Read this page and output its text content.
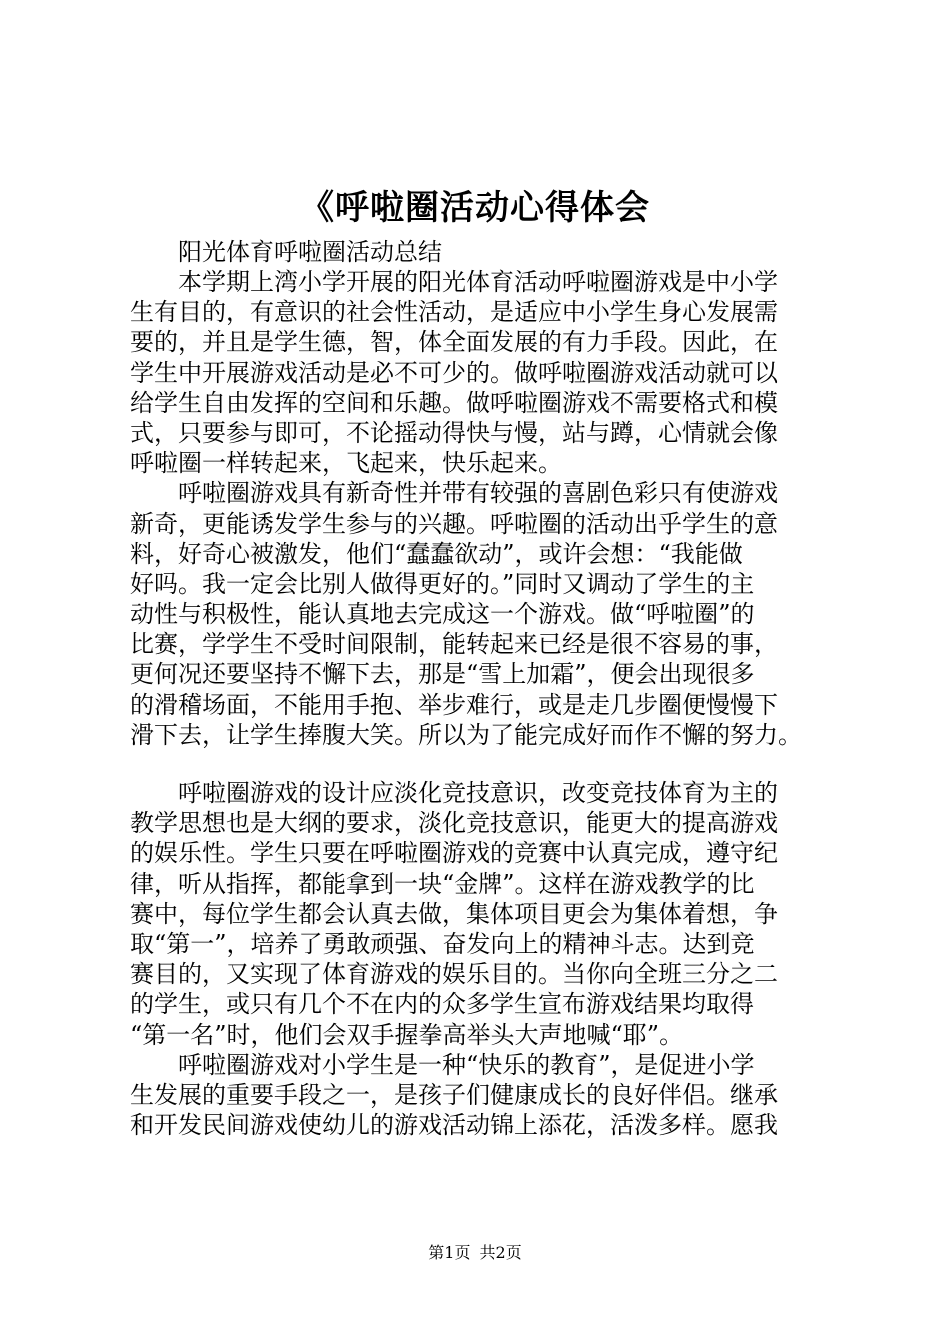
《呼啦圈活动心得体会
阳光体育呼啦圈活动总结
本学期上湾小学开展的阳光体育活动呼啦圈游戏是中小学
生有目的，有意识的社会性活动，是适应中小学生身心发展需
要的，并且是学生德，智，体全面发展的有力手段。因此，在
学生中开展游戏活动是必不可少的。做呼啦圈游戏活动就可以
给学生自由发挥的空间和乐趣。做呼啦圈游戏不需要格式和模
式，只要参与即可，不论摇动得快与慢，站与蹲，心情就会像
呼啦圈一样转起来，飞起来，快乐起来。
呼啦圈游戏具有新奇性并带有较强的喜剧色彩只有使游戏
新奇，更能诱发学生参与的兴趣。呼啦圈的活动出乎学生的意
料，好奇心被激发，他们“蠢蠢欲动”，或许会想：“我能做
好吗。我一定会比别人做得更好的。”同时又调动了学生的主
动性与积极性，能认真地去完成这一个游戏。做“呼啦圈”的
比赛，学学生不受时间限制，能转起来已经是很不容易的事，
更何况还要坚持不懈下去，那是“雪上加霜”，便会出现很多
的滑稽场面，不能用手抱、举步难行，或是走几步圈便慢慢下
滑下去，让学生捧腹大笑。所以为了能完成好而作不懈的努力。
呼啦圈游戏的设计应淡化竞技意识，改变竞技体育为主的
教学思想也是大纲的要求，淡化竞技意识，能更大的提高游戏
的娱乐性。学生只要在呼啦圈游戏的竞赛中认真完成，遵守纪
律，听从指挥，都能拿到一块“金牌”。这样在游戏教学的比
赛中，每位学生都会认真去做，集体项目更会为集体着想，争
取“第一”，培养了勇敢顽强、奋发向上的精神斗志。达到竞
赛目的，又实现了体育游戏的娱乐目的。当你向全班三分之二
的学生，或只有几个不在内的众多学生宣布游戏结果均取得
“第一名”时，他们会双手握拳高举头大声地喊“耶”。
呼啦圈游戏对小学生是一种“快乐的教育”，是促进小学
生发展的重要手段之一，是孩子们健康成长的良好伴侣。继承
和开发民间游戏使幼儿的游戏活动锦上添花，活泼多样。愿我
第1页 共2页
